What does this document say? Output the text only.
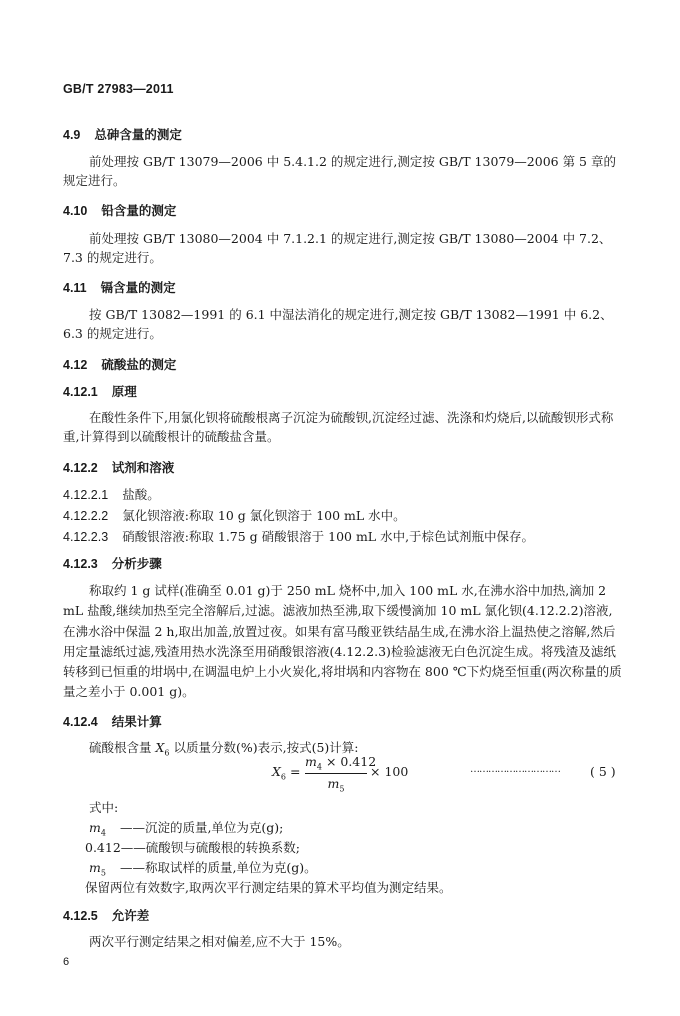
GB/T 27983—2011
4.9 总砷含量的测定
前处理按 GB/T 13079—2006 中 5.4.1.2 的规定进行,测定按 GB/T 13079—2006 第 5 章的规定进行。
4.10 铅含量的测定
前处理按 GB/T 13080—2004 中 7.1.2.1 的规定进行,测定按 GB/T 13080—2004 中 7.2、7.3 的规定进行。
4.11 镉含量的测定
按 GB/T 13082—1991 的 6.1 中湿法消化的规定进行,测定按 GB/T 13082—1991 中 6.2、6.3 的规定进行。
4.12 硫酸盐的测定
4.12.1 原理
在酸性条件下,用氯化钡将硫酸根离子沉淀为硫酸钡,沉淀经过滤、洗涤和灼烧后,以硫酸钡形式称重,计算得到以硫酸根计的硫酸盐含量。
4.12.2 试剂和溶液
4.12.2.1 盐酸。
4.12.2.2 氯化钡溶液:称取 10 g 氯化钡溶于 100 mL 水中。
4.12.2.3 硝酸银溶液:称取 1.75 g 硝酸银溶于 100 mL 水中,于棕色试剂瓶中保存。
4.12.3 分析步骤
称取约 1 g 试样(准确至 0.01 g)于 250 mL 烧杯中,加入 100 mL 水,在沸水浴中加热,滴加 2 mL 盐酸,继续加热至完全溶解后,过滤。滤液加热至沸,取下缓慢滴加 10 mL 氯化钡(4.12.2.2)溶液,在沸水浴中保温 2 h,取出加盖,放置过夜。如果有富马酸亚铁结晶生成,在沸水浴上温热使之溶解,然后用定量滤纸过滤,残渣用热水洗涤至用硝酸银溶液(4.12.2.3)检验滤液无白色沉淀生成。将残渣及滤纸转移到已恒重的坩埚中,在调温电炉上小火炭化,将坩埚和内容物在 800 ℃下灼烧至恒重(两次称量的质量之差小于 0.001 g)。
4.12.4 结果计算
硫酸根含量 $X_6$ 以质量分数(%)表示,按式(5)计算:
$X_6$ =
$m_4 \times 0.412$
$m_5$
× 100	………………………… ( 5 )
式中:
$m_4$ ——沉淀的质量,单位为克(g);
0.412——硫酸钡与硫酸根的转换系数;
$m_5$ ——称取试样的质量,单位为克(g)。
保留两位有效数字,取两次平行测定结果的算术平均值为测定结果。
4.12.5 允许差
两次平行测定结果之相对偏差,应不大于 15%。
6
